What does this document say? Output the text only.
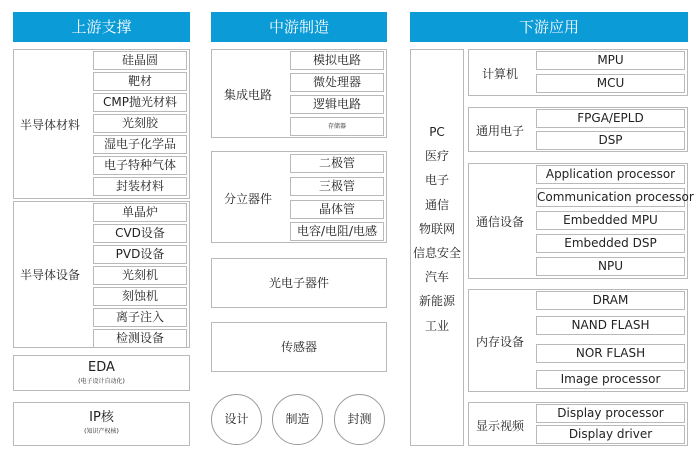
上游支撑
半导体材料
硅晶圆
靶材
CMP抛光材料
光刻胶
湿电子化学品
电子特种气体
封装材料
半导体设备
单晶炉
CVD设备
PVD设备
光刻机
刻蚀机
离子注入
检测设备
EDA
(电子设计自动化)
IP核
(知识产权核)
中游制造
集成电路
模拟电路
微处理器
逻辑电路
存储器
分立器件
二极管
三极管
晶体管
电容/电阻/电感
光电子器件
传感器
设计	制造	封测
下游应用
PC
医疗
电子
通信
物联网
信息安全
汽车
新能源
工业
计算机
MPU
MCU
通用电子
FPGA/EPLD
DSP
通信设备
Application processor
Communication processor
Embedded MPU
Embedded DSP
NPU
内存设备
DRAM
NAND FLASH
NOR FLASH
Image processor
显示视频
Display processor
Display driver
